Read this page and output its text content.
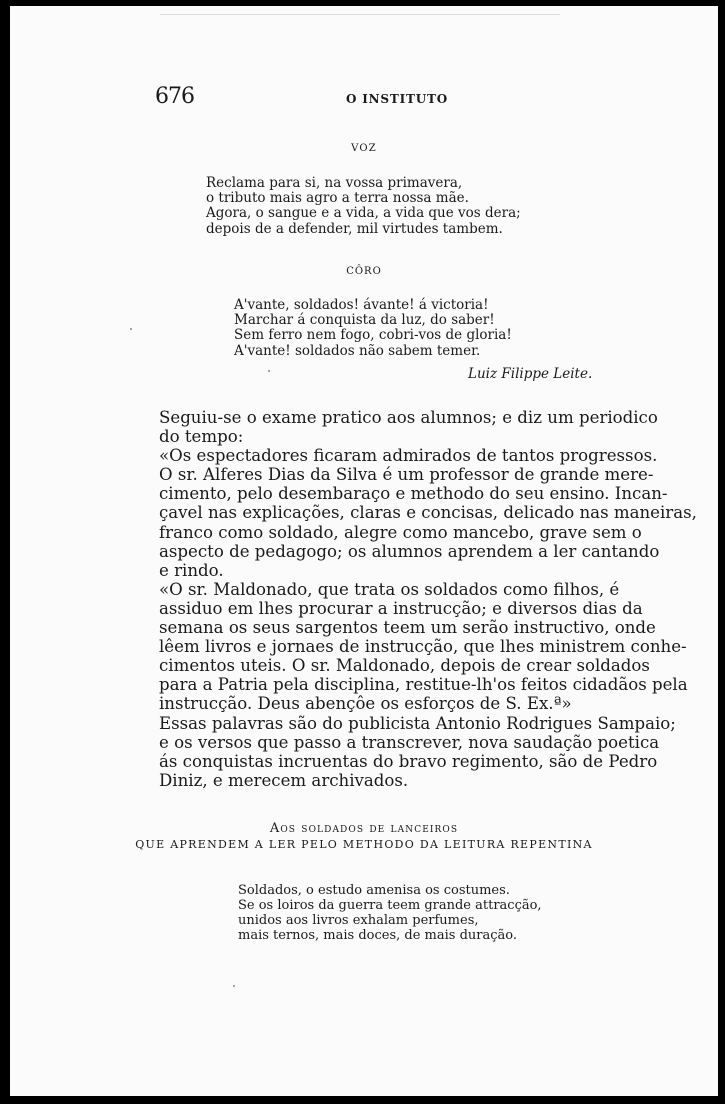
676	O INSTITUTO
VOZ
Reclama para si, na vossa primavera,
o tributo mais agro a terra nossa mãe.
Agora, o sangue e a vida, a vida que vos dera;
depois de a defender, mil virtudes tambem.
CÔRO
A'vante, soldados! ávante! á victoria!
Marchar á conquista da luz, do saber!
Sem ferro nem fogo, cobri-vos de gloria!
A'vante! soldados não sabem temer.
Luiz Filippe Leite.
Seguiu-se o exame pratico aos alumnos; e diz um periodico
do tempo:
«Os espectadores ficaram admirados de tantos progressos.
O sr. Alferes Dias da Silva é um professor de grande mere-
cimento, pelo desembaraço e methodo do seu ensino. Incan-
çavel nas explicações, claras e concisas, delicado nas maneiras,
franco como soldado, alegre como mancebo, grave sem o
aspecto de pedagogo; os alumnos aprendem a ler cantando
e rindo.
«O sr. Maldonado, que trata os soldados como filhos, é
assiduo em lhes procurar a instrucção; e diversos dias da
semana os seus sargentos teem um serão instructivo, onde
lêem livros e jornaes de instrucção, que lhes ministrem conhe-
cimentos uteis. O sr. Maldonado, depois de crear soldados
para a Patria pela disciplina, restitue-lh'os feitos cidadãos pela
instrucção. Deus abençôe os esforços de S. Ex.ª»
Essas palavras são do publicista Antonio Rodrigues Sampaio;
e os versos que passo a transcrever, nova saudação poetica
ás conquistas incruentas do bravo regimento, são de Pedro
Diniz, e merecem archivados.
Aos soldados de lanceiros
QUE APRENDEM A LER PELO METHODO DA LEITURA REPENTINA
Soldados, o estudo amenisa os costumes.
Se os loiros da guerra teem grande attracção,
unidos aos livros exhalam perfumes,
mais ternos, mais doces, de mais duração.
